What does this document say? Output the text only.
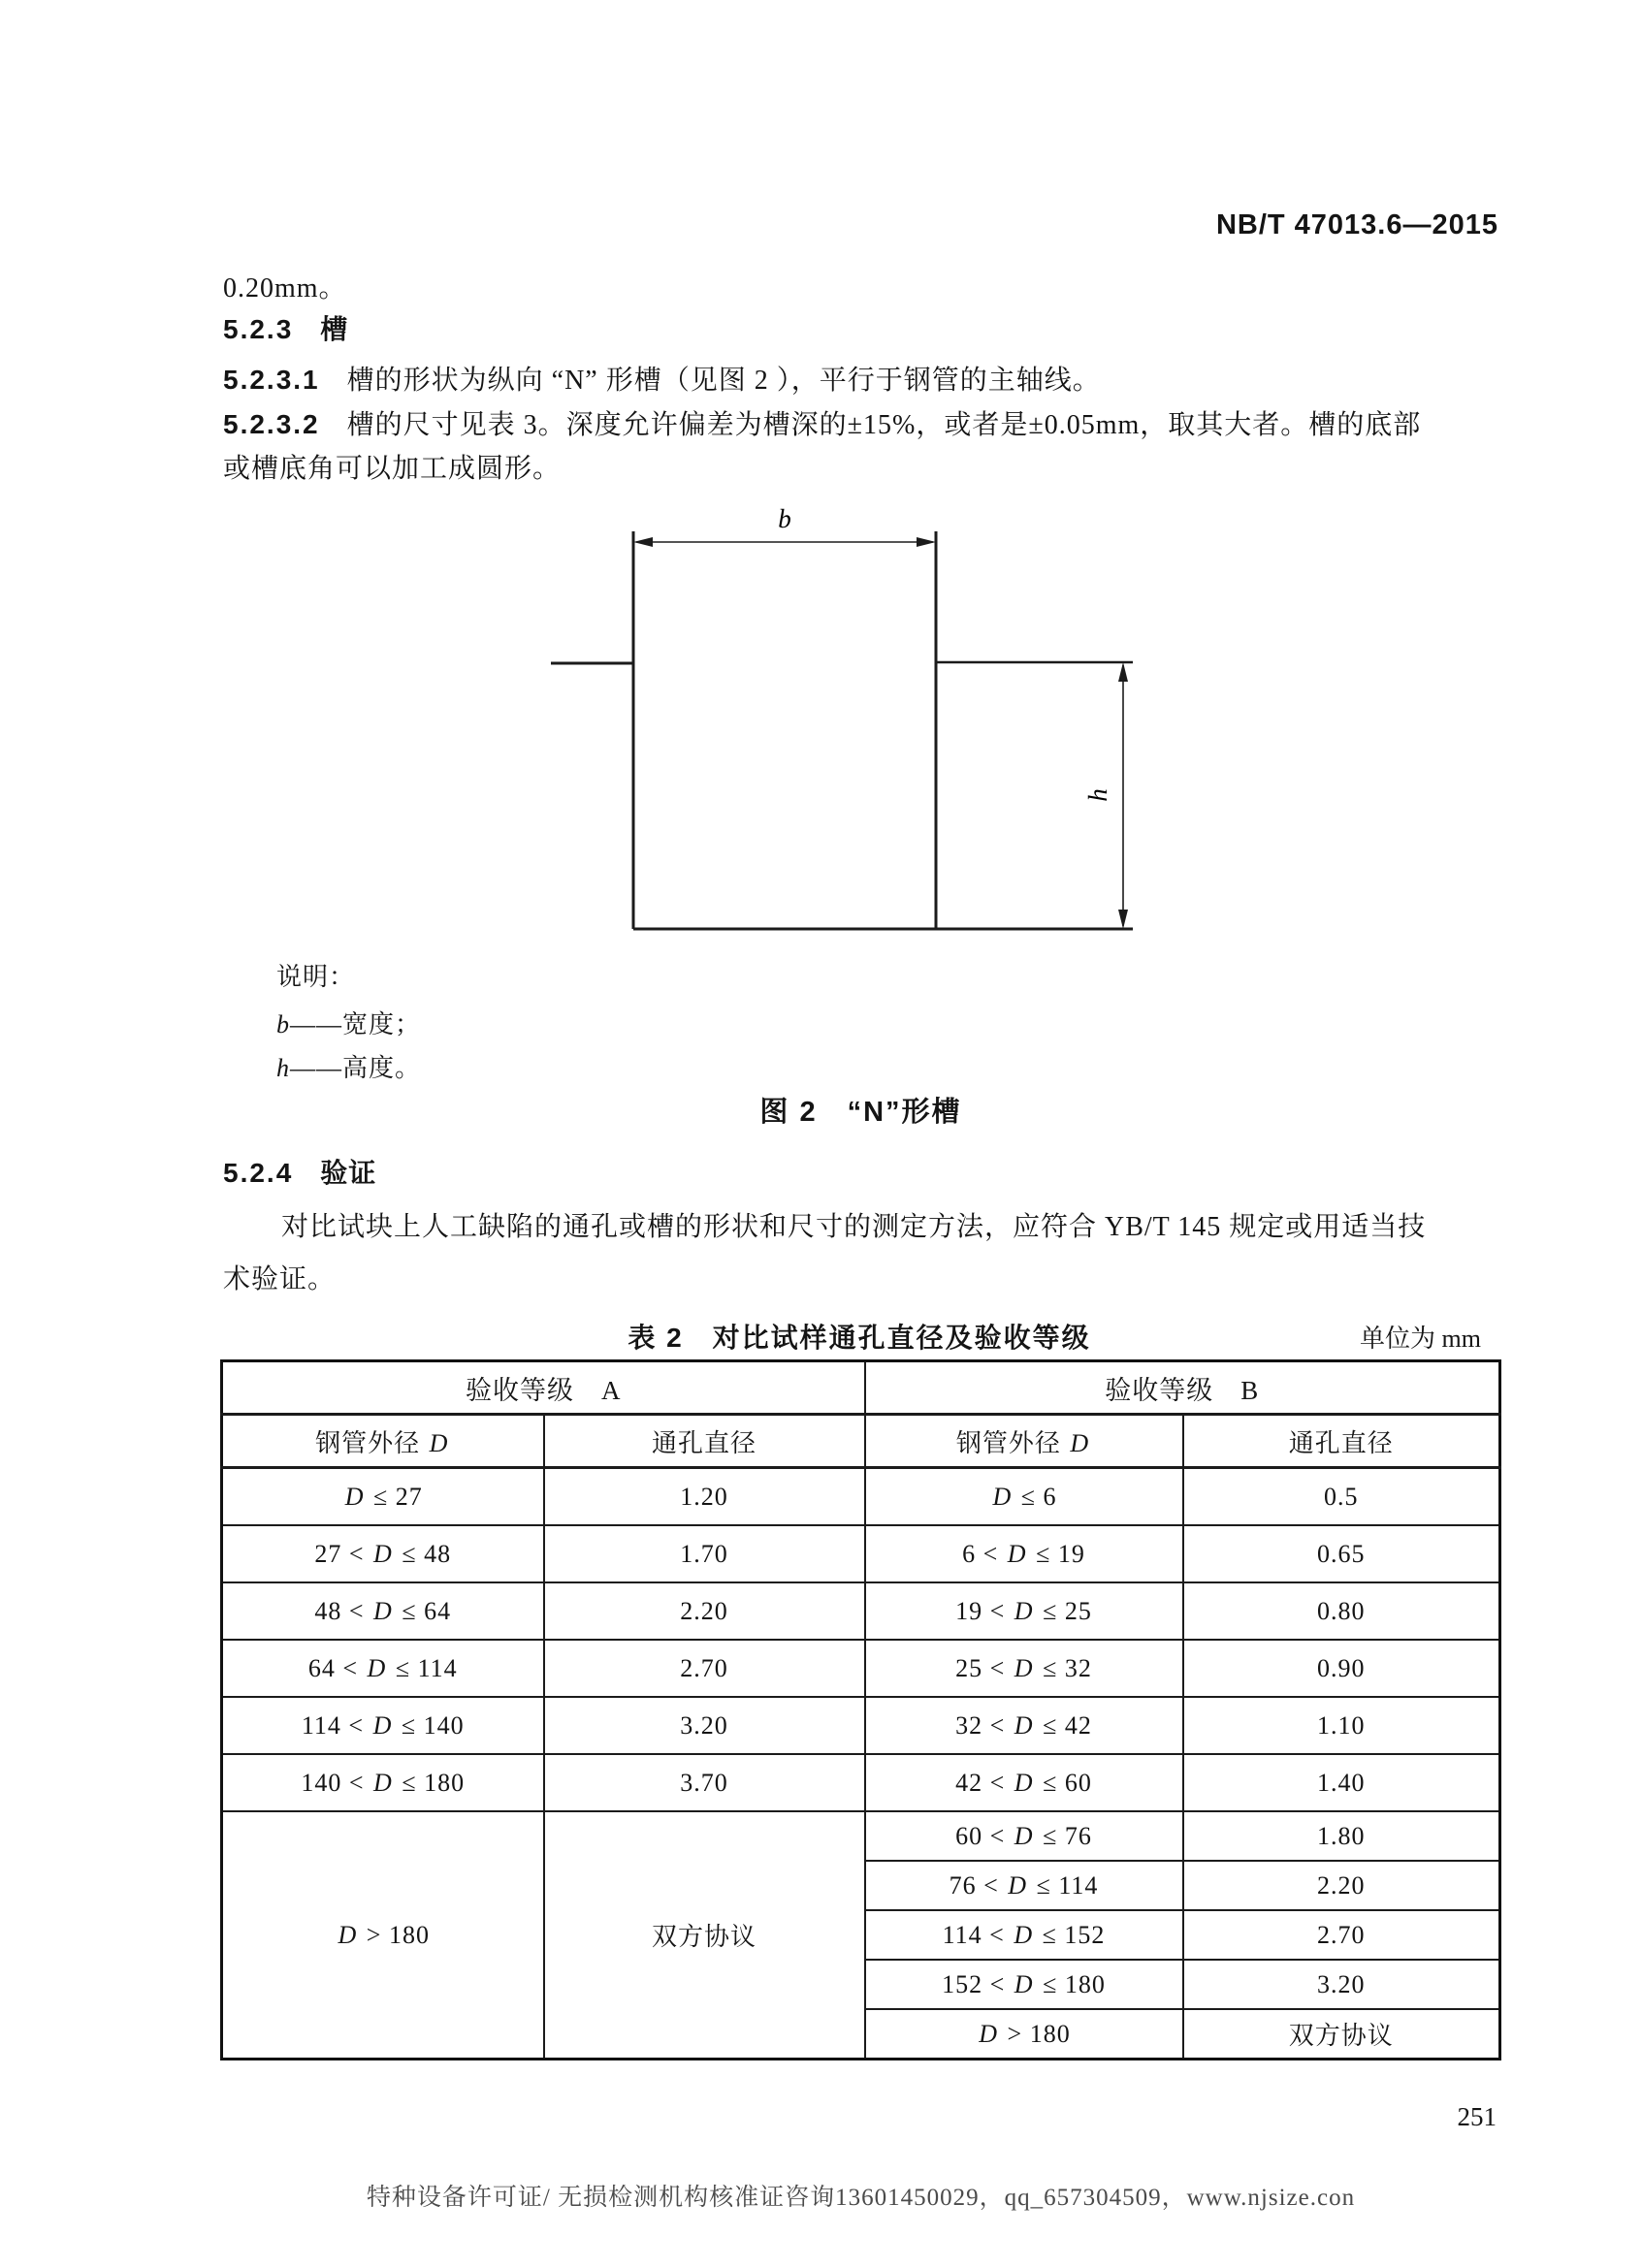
NB/T 47013.6—2015
0.20mm。
5.2.3 槽
5.2.3.1 槽的形状为纵向 “N” 形槽（见图 2 ），平行于钢管的主轴线。
5.2.3.2 槽的尺寸见表 3。深度允许偏差为槽深的±15%，或者是±0.05mm，取其大者。槽的底部
或槽底角可以加工成圆形。
b
h
说明：
b——宽度；
h——高度。
图 2　“N”形槽
5.2.4 验证
对比试块上人工缺陷的通孔或槽的形状和尺寸的测定方法，应符合 YB/T 145 规定或用适当技
术验证。
表 2　对比试样通孔直径及验收等级	单位为 mm
验收等级　A		验收等级　B	
钢管外径 D	通孔直径	钢管外径 D	通孔直径
D ≤ 27	1.20	D ≤ 6	0.5
27 < D ≤ 48	1.70	6 < D ≤ 19	0.65
48 < D ≤ 64	2.20	19 < D ≤ 25	0.80
64 < D ≤ 114	2.70	25 < D ≤ 32	0.90
114 < D ≤ 140	3.20	32 < D ≤ 42	1.10
140 < D ≤ 180	3.70	42 < D ≤ 60	1.40
D > 180	双方协议	60 < D ≤ 76	1.80
		76 < D ≤ 114	2.20
		114 < D ≤ 152	2.70
		152 < D ≤ 180	3.20
		D > 180	双方协议
251
特种设备许可证/ 无损检测机构核准证咨询13601450029，qq_657304509，www.njsize.con
